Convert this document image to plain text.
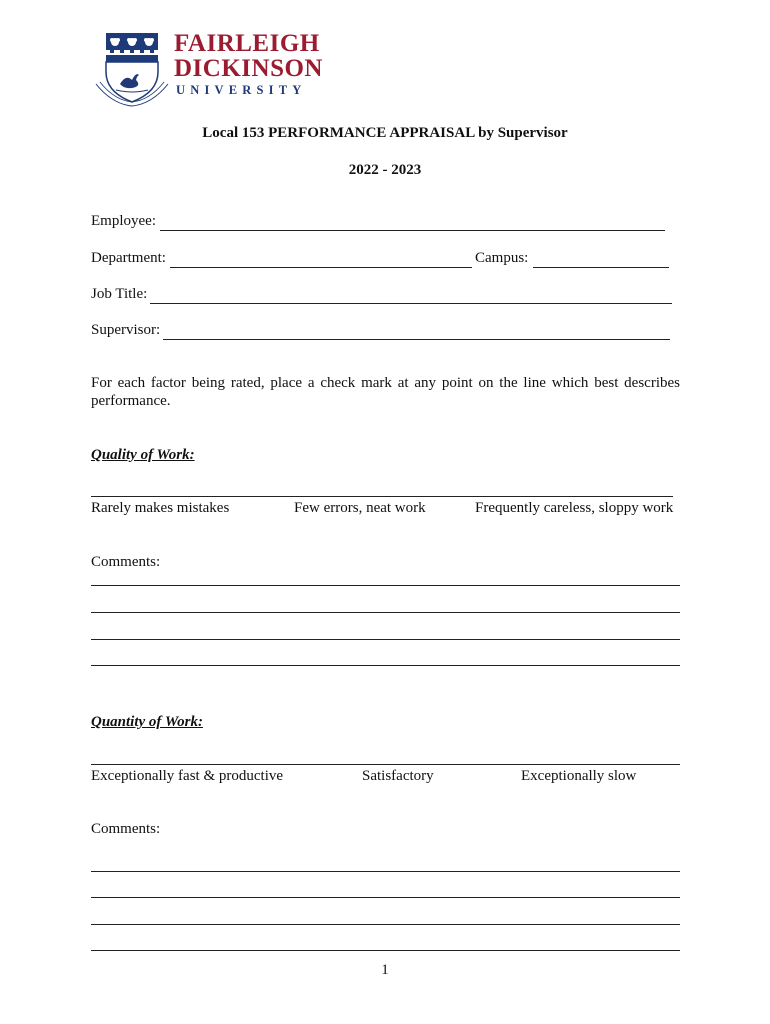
FAIRLEIGH
DICKINSON
UNIVERSITY
Local 153 PERFORMANCE APPRAISAL by Supervisor
2022 - 2023
Employee:
Department:	Campus:
Job Title:
Supervisor:
For each factor being rated, place a check mark at any point on the line which best describes performance.
Quality of Work:
Rarely makes mistakes	Few errors, neat work	Frequently careless, sloppy work
Comments:
Quantity of Work:
Exceptionally fast & productive	Satisfactory	Exceptionally slow
Comments:
1
